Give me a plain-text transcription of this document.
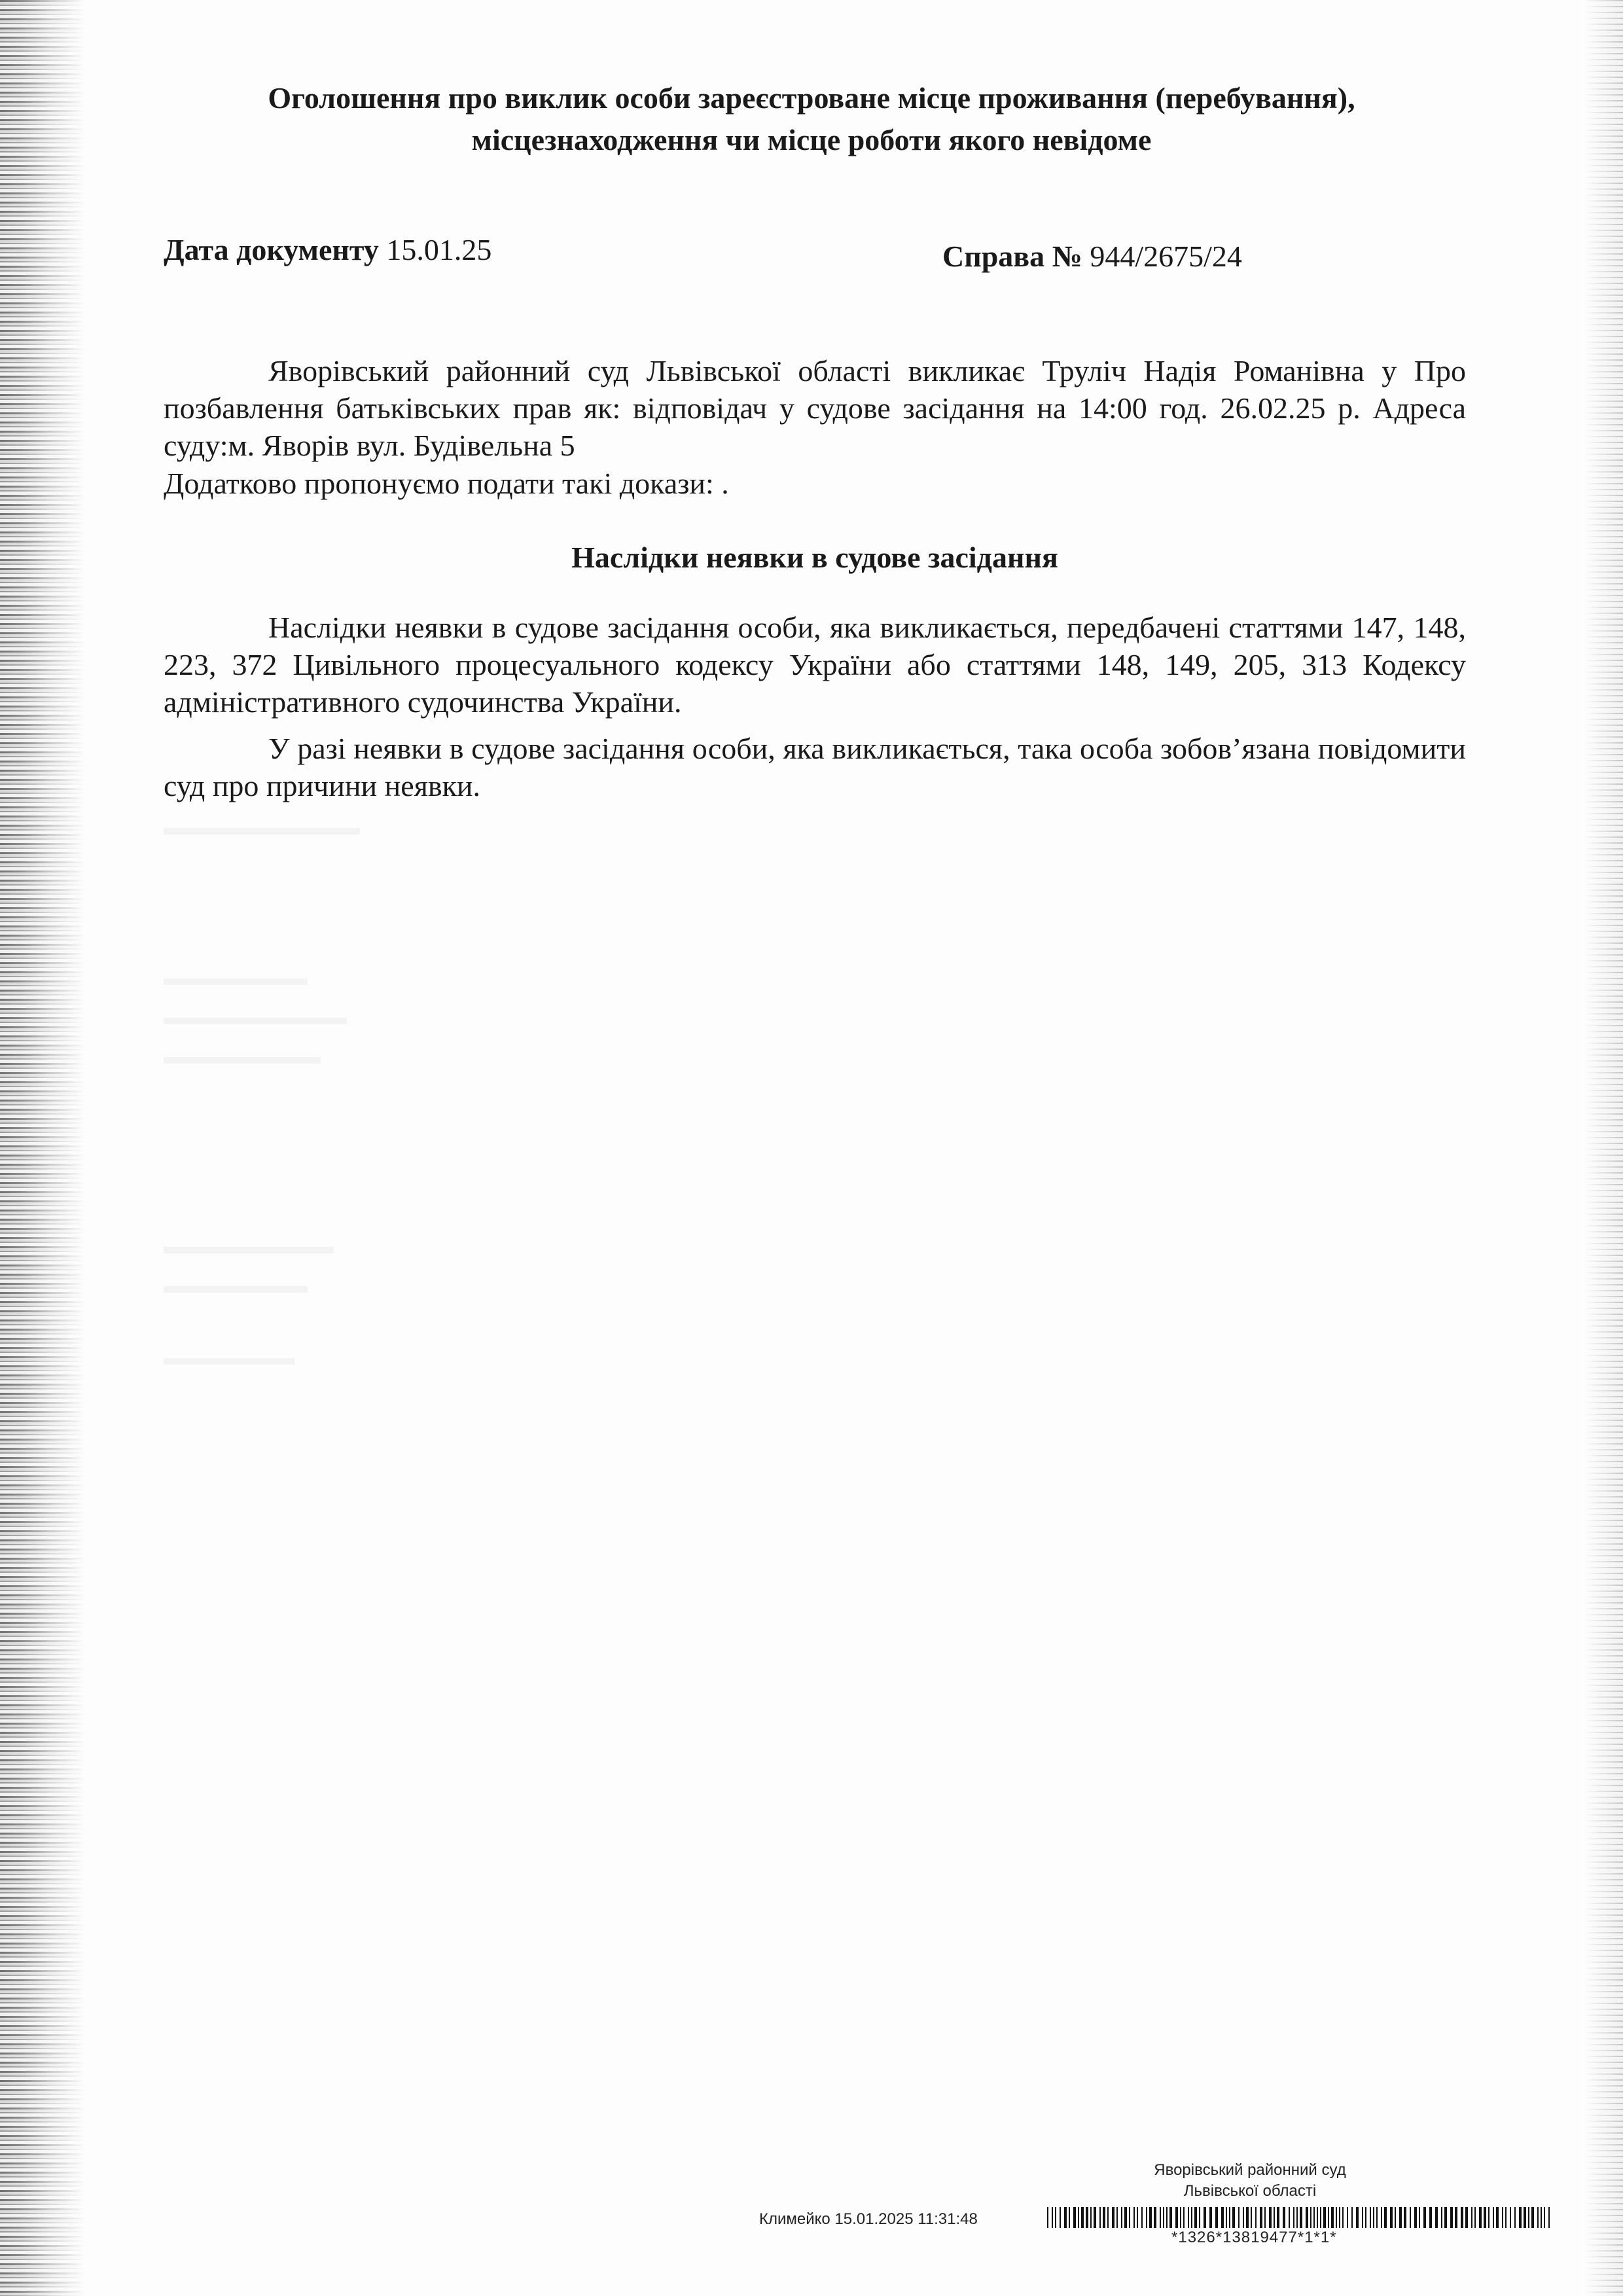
Оголошення про виклик особи зареєстроване місце проживання (перебування),
місцезнаходження чи місце роботи якого невідоме
Дата документу 15.01.25	Справа № 944/2675/24
Яворівський районний суд Львівської області викликає Труліч Надія Романівна у Про позбавлення батьківських прав як: відповідач у судове засідання на 14:00 год. 26.02.25 р. Адреса суду:м. Яворів вул. Будівельна 5
Додатково пропонуємо подати такі докази: .
Наслідки неявки в судове засідання
Наслідки неявки в судове засідання особи, яка викликається, передбачені статтями 147, 148, 223, 372 Цивільного процесуального кодексу України або статтями 148, 149, 205, 313 Кодексу адміністративного судочинства України.
У разі неявки в судове засідання особи, яка викликається, така особа зобов’язана повідомити суд про причини неявки.
Яворівський районний суд
Львівської області
Климейко 15.01.2025 11:31:48
*1326*13819477*1*1*
